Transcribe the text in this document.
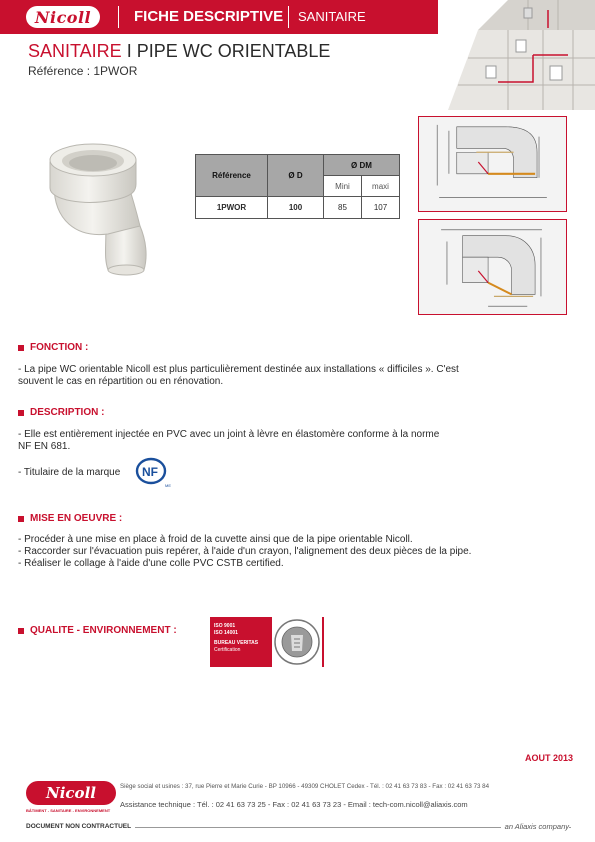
Nicoll	FICHE DESCRIPTIVE SANITAIRE
SANITAIRE I PIPE WC ORIENTABLE
Référence : 1PWOR
Référence	Ø D	Ø DM	
		Mini	maxi
1PWOR	100	85	107
FONCTION :
- La pipe WC orientable Nicoll est plus particulièrement destinée aux installations « difficiles ». C'est
souvent le cas en répartition ou en rénovation.
DESCRIPTION :
- Elle est entièrement injectée en PVC avec un joint à lèvre en élastomère conforme à la norme
NF EN 681.
- Titulaire de la marque	NF
ME
MISE EN OEUVRE :
- Procéder à une mise en place à froid de la cuvette ainsi que de la pipe orientable Nicoll.
- Raccorder sur l'évacuation puis repérer, à l'aide d'un crayon, l'alignement des deux pièces de la pipe.
- Réaliser le collage à l'aide d'une colle PVC CSTB certified.
QUALITE - ENVIRONNEMENT :	ISO 9001
ISO 14001
BUREAU VERITAS
Certification
AOUT 2013
Nicoll
BÂTIMENT - SANITAIRE - ENVIRONNEMENT
Siège social et usines : 37, rue Pierre et Marie Curie - BP 10966 - 49309 CHOLET Cedex - Tél. : 02 41 63 73 83 - Fax : 02 41 63 73 84
Assistance technique : Tél. : 02 41 63 73 25 - Fax : 02 41 63 73 23 - Email : tech-com.nicoll@aliaxis.com
DOCUMENT NON CONTRACTUEL	an Aliaxis company
